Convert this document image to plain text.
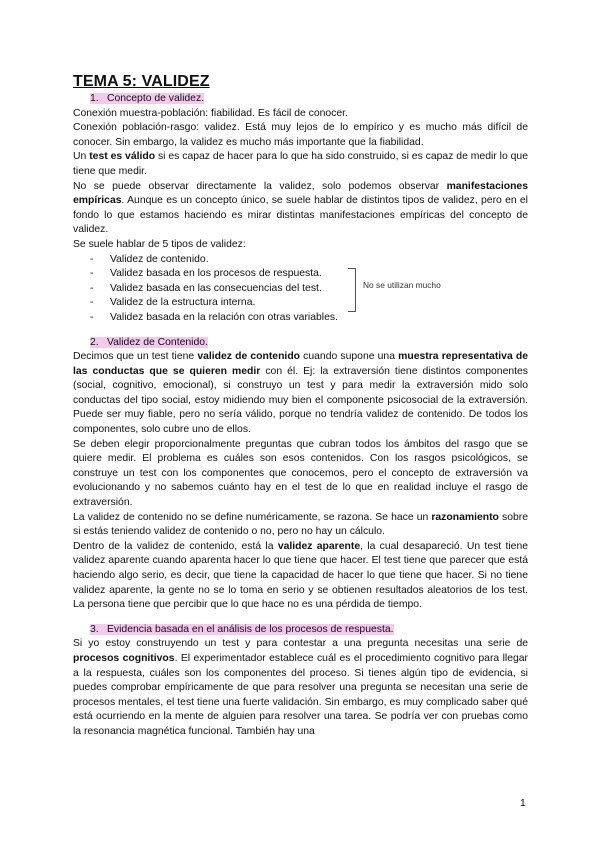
TEMA 5: VALIDEZ
1. Concepto de validez.

Conexión muestra-población: fiabilidad. Es fácil de conocer.

Conexión población-rasgo: validez. Está muy lejos de lo empírico y es mucho más difícil de conocer. Sin embargo, la validez es mucho más importante que la fiabilidad.

Un test es válido si es capaz de hacer para lo que ha sido construido, si es capaz de medir lo que tiene que medir.

No se puede observar directamente la validez, solo podemos observar manifestaciones empíricas. Aunque es un concepto único, se suele hablar de distintos tipos de validez, pero en el fondo lo que estamos haciendo es mirar distintas manifestaciones empíricas del concepto de validez.

Se suele hablar de 5 tipos de validez:

- Validez de contenido.
- Validez basada en los procesos de respuesta.
- Validez basada en las consecuencias del test.
- Validez de la estructura interna.
- Validez basada en la relación con otras variables.
No se utilizan mucho
2. Validez de Contenido.

Decimos que un test tiene validez de contenido cuando supone una muestra representativa de las conductas que se quieren medir con él. Ej: la extraversión tiene distintos componentes (social, cognitivo, emocional), si construyo un test y para medir la extraversión mido solo conductas del tipo social, estoy midiendo muy bien el componente psicosocial de la extraversión. Puede ser muy fiable, pero no sería válido, porque no tendría validez de contenido. De todos los componentes, solo cubre uno de ellos.

Se deben elegir proporcionalmente preguntas que cubran todos los ámbitos del rasgo que se quiere medir. El problema es cuáles son esos contenidos. Con los rasgos psicológicos, se construye un test con los componentes que conocemos, pero el concepto de extraversión va evolucionando y no sabemos cuánto hay en el test de lo que en realidad incluye el rasgo de extraversión.

La validez de contenido no se define numéricamente, se razona. Se hace un razonamiento sobre si estás teniendo validez de contenido o no, pero no hay un cálculo.

Dentro de la validez de contenido, está la validez aparente, la cual desapareció. Un test tiene validez aparente cuando aparenta hacer lo que tiene que hacer. El test tiene que parecer que está haciendo algo serio, es decir, que tiene la capacidad de hacer lo que tiene que hacer. Si no tiene validez aparente, la gente no se lo toma en serio y se obtienen resultados aleatorios de los test. La persona tiene que percibir que lo que hace no es una pérdida de tiempo.

3. Evidencia basada en el análisis de los procesos de respuesta.

Si yo estoy construyendo un test y para contestar a una pregunta necesitas una serie de procesos cognitivos. El experimentador establece cuál es el procedimiento cognitivo para llegar a la respuesta, cuáles son los componentes del proceso. Si tienes algún tipo de evidencia, si puedes comprobar empíricamente de que para resolver una pregunta se necesitan una serie de procesos mentales, el test tiene una fuerte validación. Sin embargo, es muy complicado saber qué está ocurriendo en la mente de alguien para resolver una tarea. Se podría ver con pruebas como la resonancia magnética funcional. También hay una

1
